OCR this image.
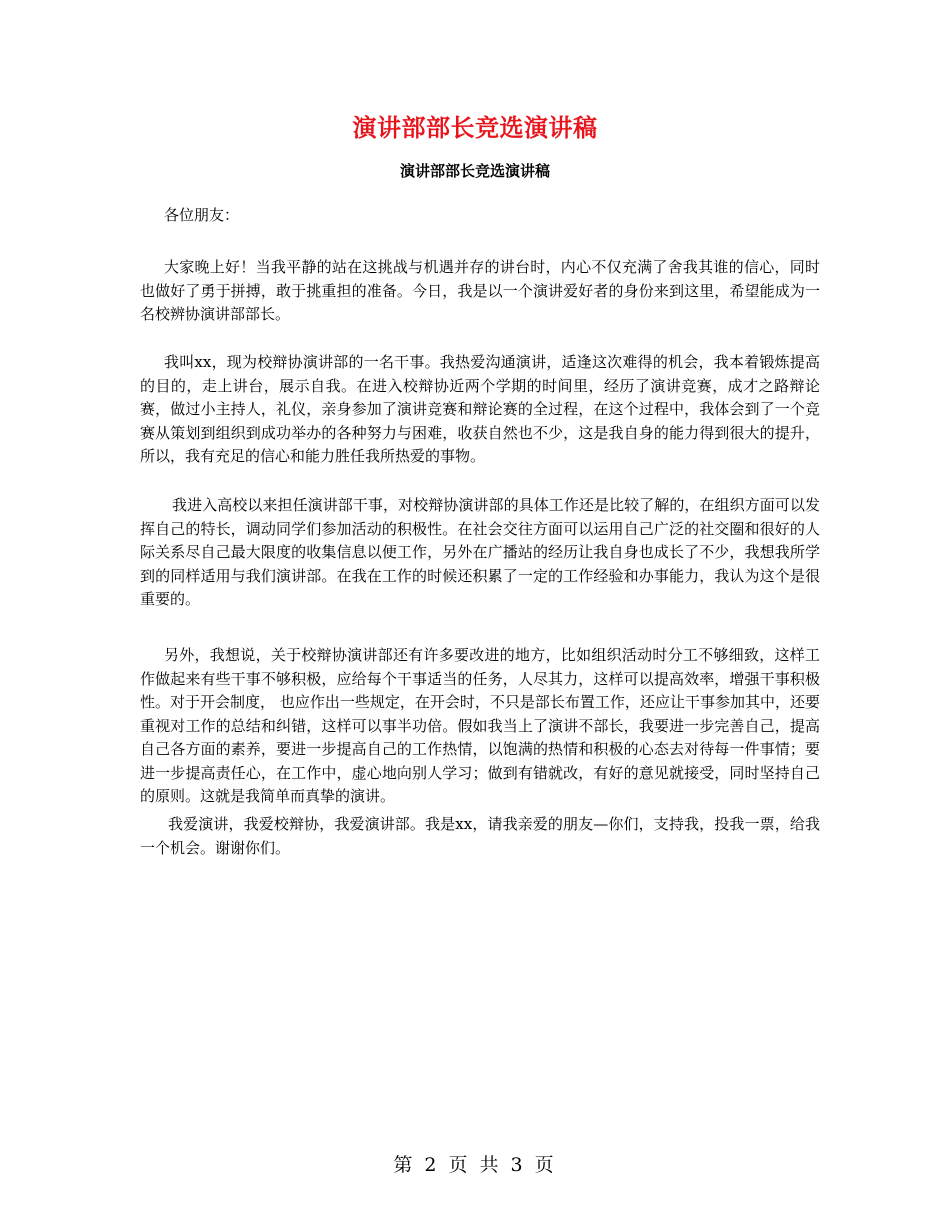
演讲部部长竞选演讲稿
演讲部部长竞选演讲稿

各位朋友：

大家晚上好！当我平静的站在这挑战与机遇并存的讲台时，内心不仅充满了舍我其谁的信心，同时也做好了勇于拼搏，敢于挑重担的准备。今日，我是以一个演讲爱好者的身份来到这里，希望能成为一名校辨协演讲部部长。

我叫xx，现为校辩协演讲部的一名干事。我热爱沟通演讲，适逢这次难得的机会，我本着锻炼提高的目的，走上讲台，展示自我。在进入校辩协近两个学期的时间里，经历了演讲竞赛，成才之路辩论赛，做过小主持人，礼仪，亲身参加了演讲竞赛和辩论赛的全过程，在这个过程中，我体会到了一个竞赛从策划到组织到成功举办的各种努力与困难，收获自然也不少，这是我自身的能力得到很大的提升，所以，我有充足的信心和能力胜任我所热爱的事物。

我进入高校以来担任演讲部干事，对校辩协演讲部的具体工作还是比较了解的，在组织方面可以发挥自己的特长，调动同学们参加活动的积极性。在社会交往方面可以运用自己广泛的社交圈和很好的人际关系尽自己最大限度的收集信息以便工作，另外在广播站的经历让我自身也成长了不少，我想我所学到的同样适用与我们演讲部。在我在工作的时候还积累了一定的工作经验和办事能力，我认为这个是很重要的。

另外，我想说，关于校辩协演讲部还有许多要改进的地方，比如组织活动时分工不够细致，这样工作做起来有些干事不够积极，应给每个干事适当的任务，人尽其力，这样可以提高效率，增强干事积极性。对于开会制度， 也应作出一些规定，在开会时，不只是部长布置工作，还应让干事参加其中，还要重视对工作的总结和纠错，这样可以事半功倍。假如我当上了演讲不部长，我要进一步完善自己，提高自己各方面的素养，要进一步提高自己的工作热情，以饱满的热情和积极的心态去对待每一件事情；要进一步提高责任心，在工作中，虚心地向别人学习；做到有错就改，有好的意见就接受，同时坚持自己的原则。这就是我简单而真挚的演讲。

我爱演讲，我爱校辩协，我爱演讲部。我是xx，请我亲爱的朋友—你们，支持我，投我一票，给我一个机会。谢谢你们。

第 2 页 共 3 页
